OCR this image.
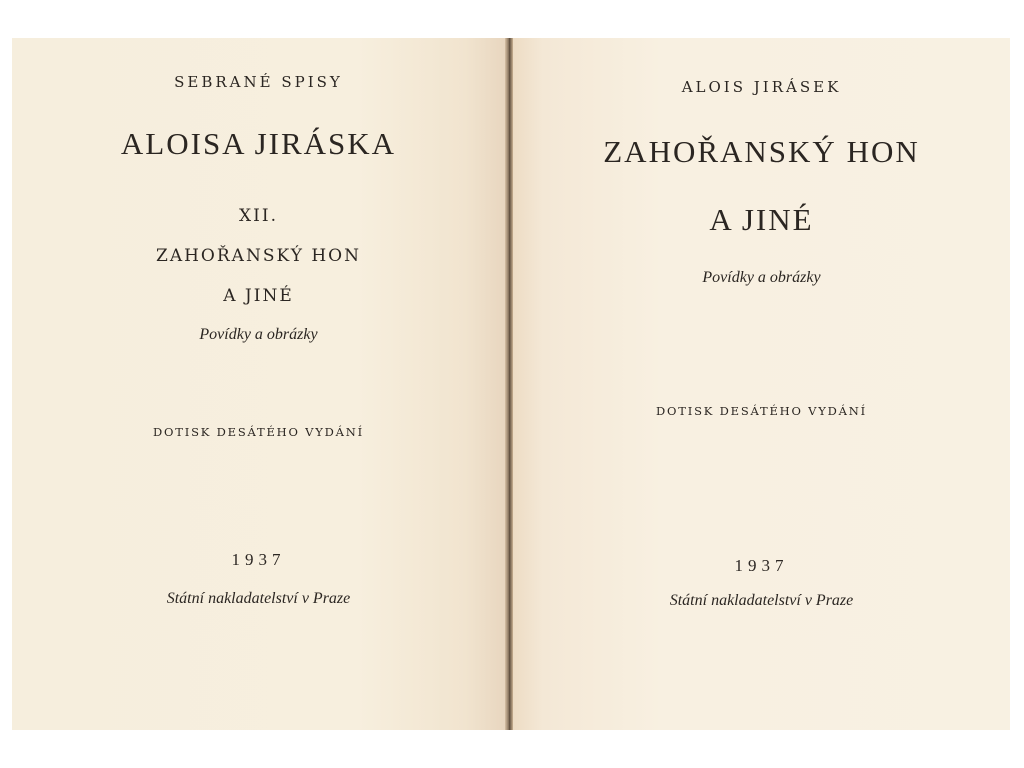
SEBRANÉ SPISY
ALOISA JIRÁSKA
XII.
ZAHOŘANSKÝ HON
A JINÉ
Povídky a obrázky
DOTISK DESÁTÉHO VYDÁNÍ
1937
Státní nakladatelství v Praze
ALOIS JIRÁSEK
ZAHOŘANSKÝ HON
A JINÉ
Povídky a obrázky
DOTISK DESÁTÉHO VYDÁNÍ
1937
Státní nakladatelství v Praze
